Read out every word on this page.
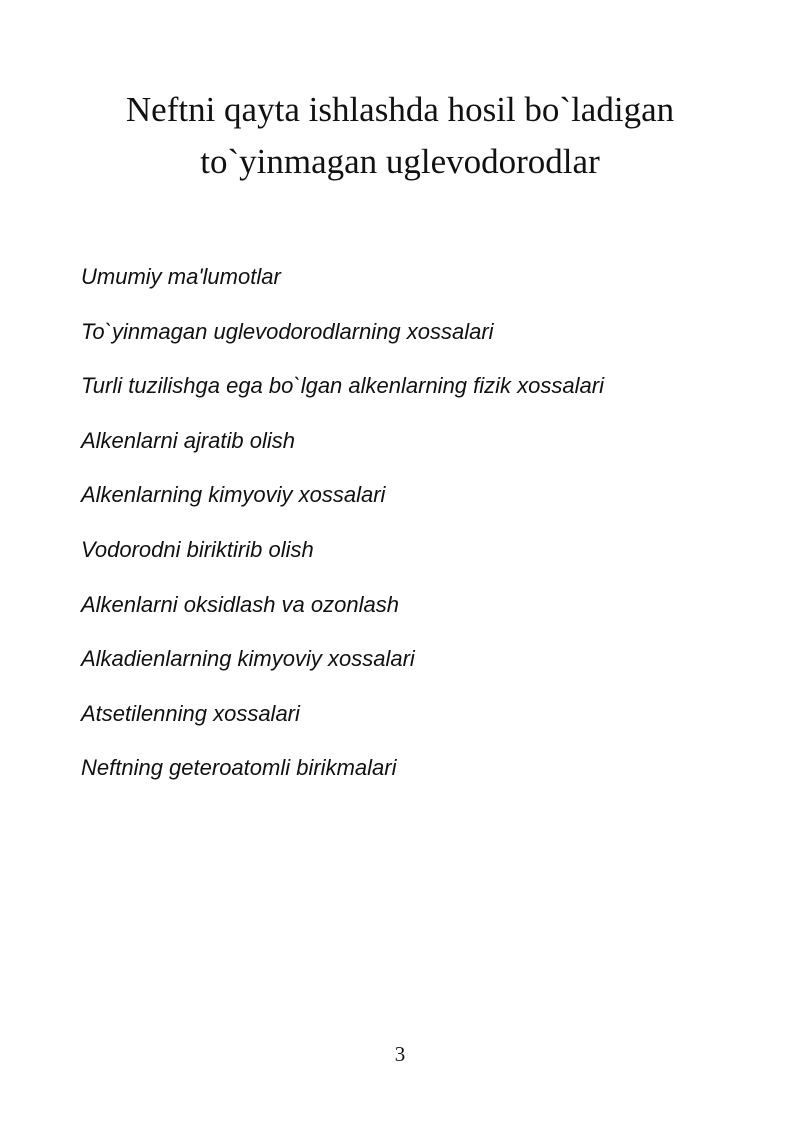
Neftni qayta ishlashda hosil bo`ladigan
to`yinmagan uglevodorodlar
Umumiy ma'lumotlar
To`yinmagan uglevodorodlarning xossalari
Turli tuzilishga ega bo`lgan alkenlarning fizik xossalari
Alkenlarni ajratib olish
Alkenlarning kimyoviy xossalari
Vodorodni biriktirib olish
Alkenlarni oksidlash va ozonlash
Alkadienlarning kimyoviy xossalari
Atsetilenning xossalari
Neftning geteroatomli birikmalari
3
